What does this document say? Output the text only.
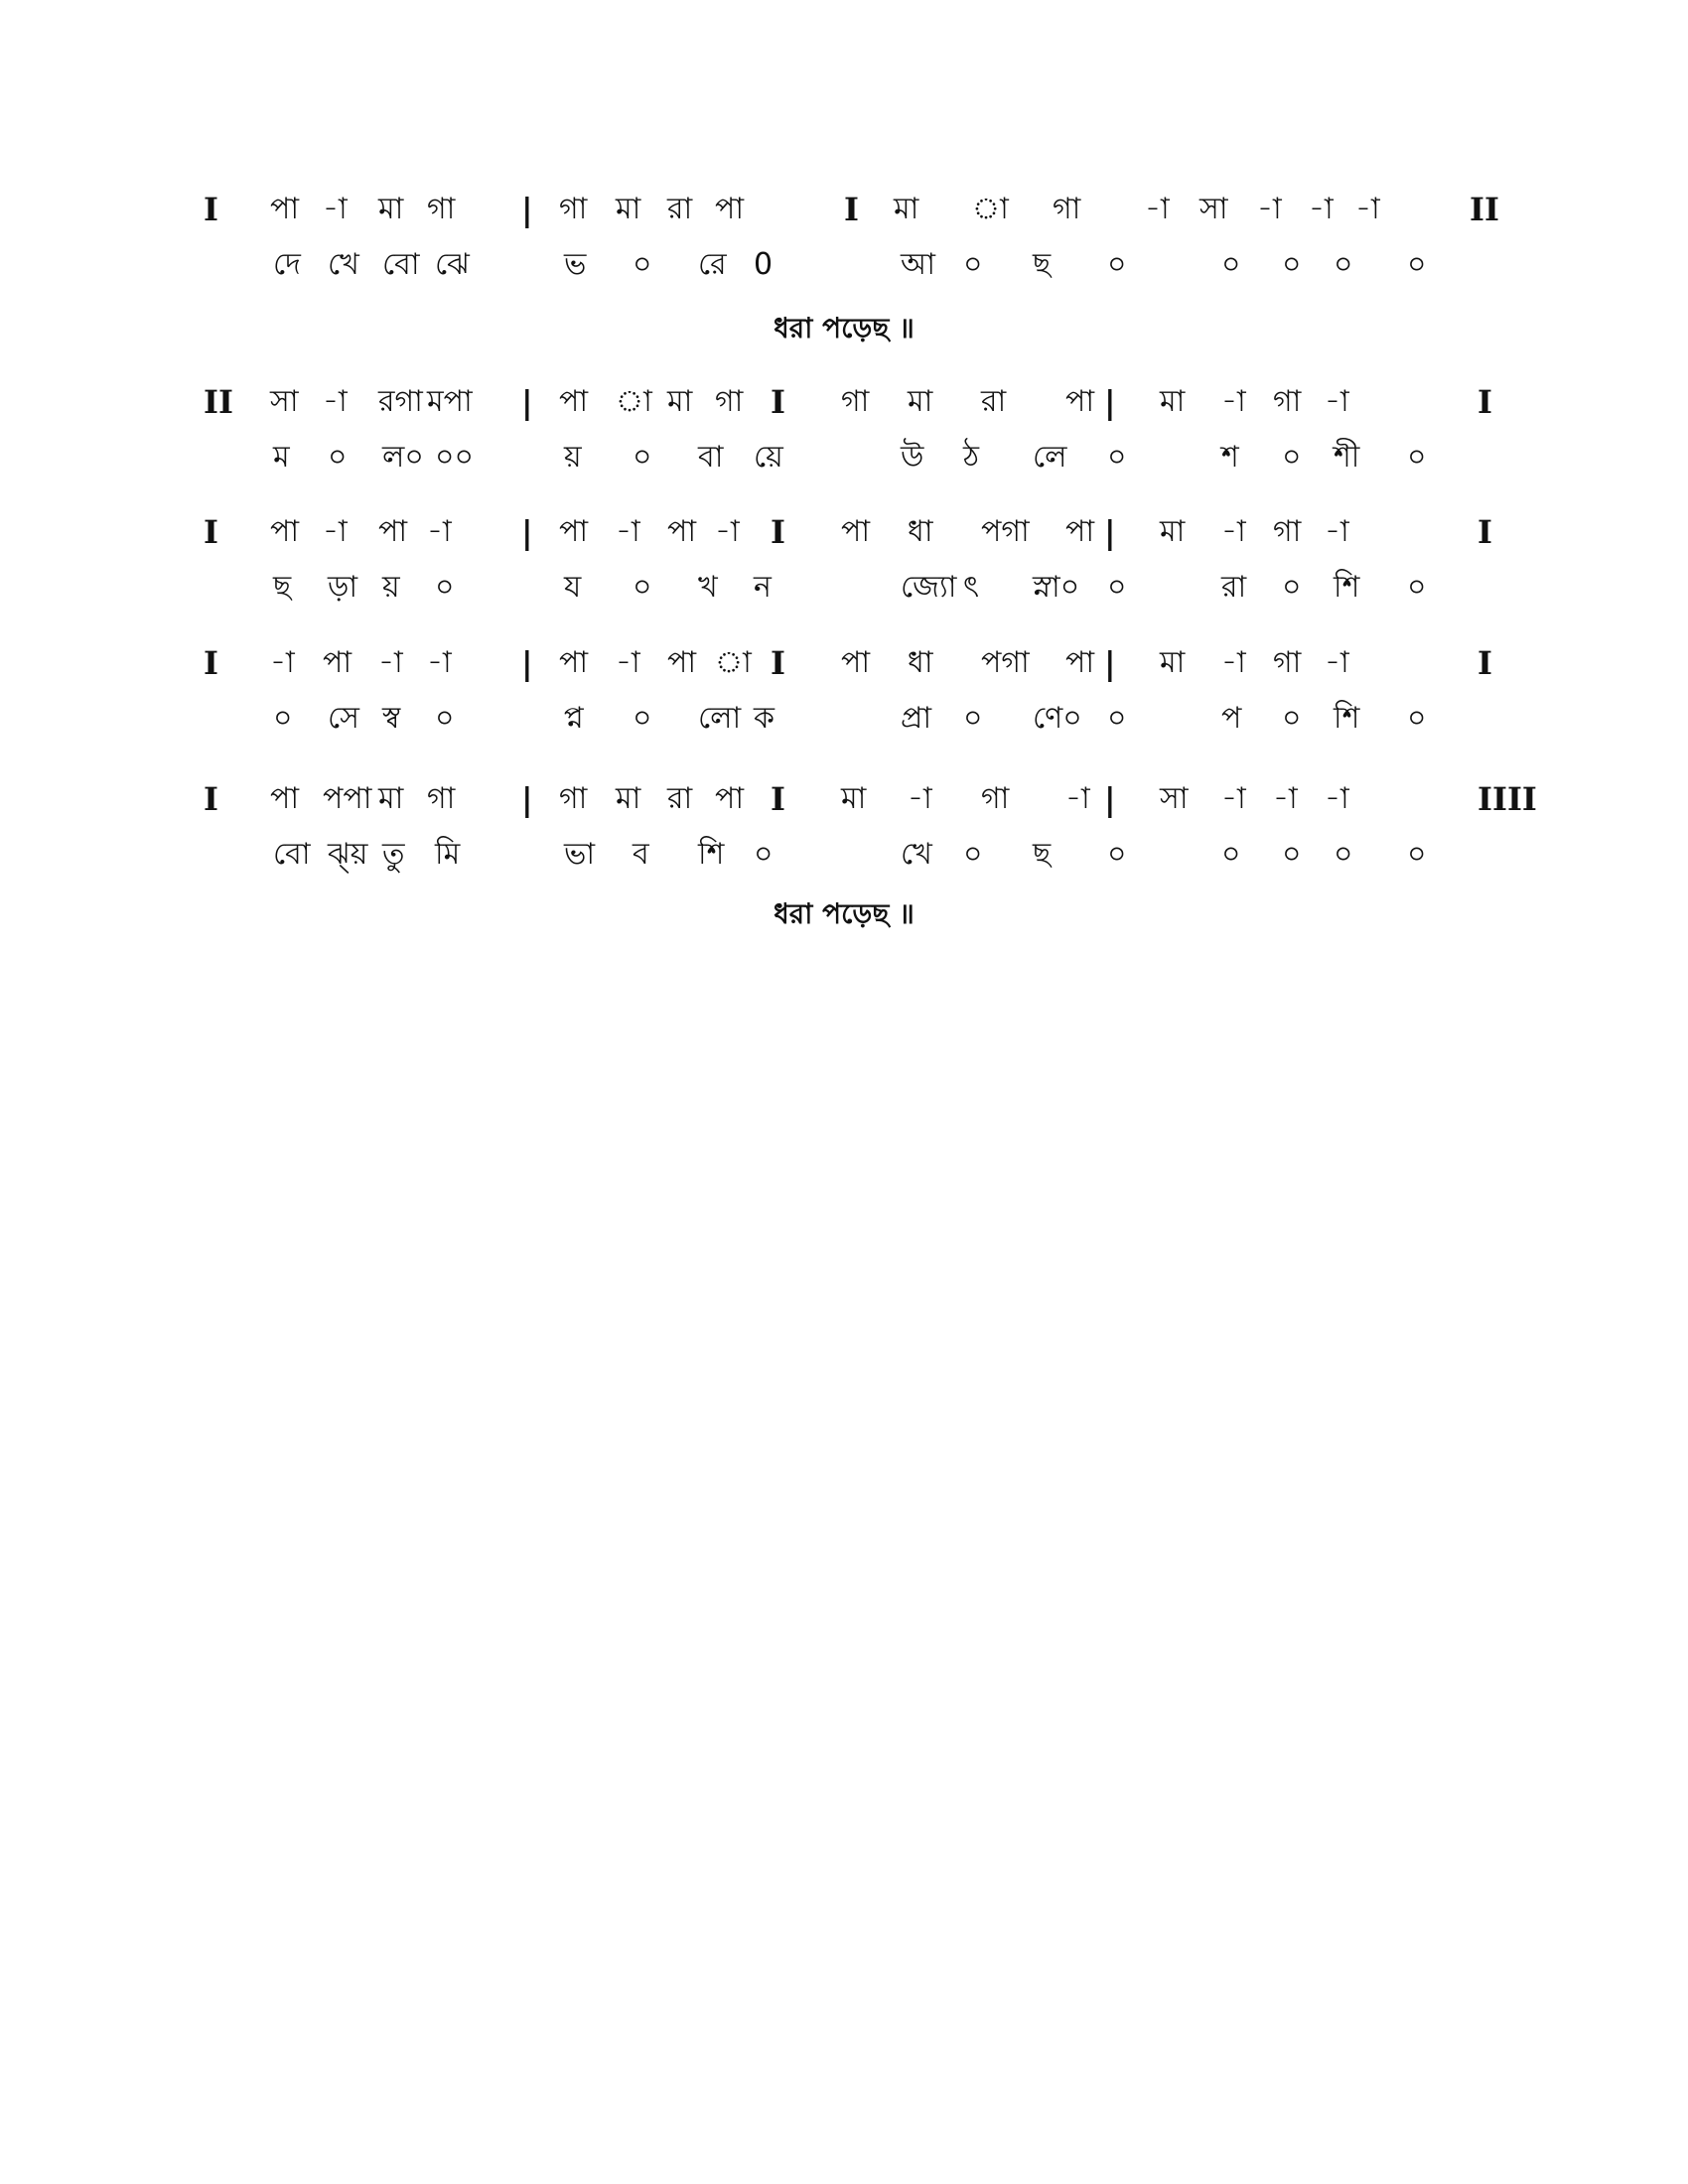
I পা -া মা গা | গা মা রা পা	I মা া গা -া সা -া -া -া	II
দে খে বো ঝে	ভ ০ রে 0	আ ০ ছ ০	০ ০ ০ ০
ধরা পড়েছ ॥
II সা -া রগা মপা | পা া মা গা I গা মা রা পা | মা -া গা -া	I
ম ০ ল০ ০০	য় ০ বা য়ে	উ ঠ লে ০	শ ০ শী ০
I পা -া পা -া | পা -া পা -া I পা ধা পগা পা | মা -া গা -া	I
ছ ড়া য় ০	য ০ খ ন	জ্যো ৎ স্না০ ০	রা ০ শি ০
I -া পা -া -া | পা -া পা া I পা ধা পগা পা | মা -া গা -া	I
০ সে স্ব ০	প্ন ০ লো ক	প্রা ০ ণে০ ০	প ০ শি ০
I পা পপা মা গা | গা মা রা পা I মা -া গা -া | সা -া -া -া	IIII
বো ঝ্য় তু মি	ভা ব শি ০	খে ০ ছ ০	০ ০ ০ ০
ধরা পড়েছ ॥
